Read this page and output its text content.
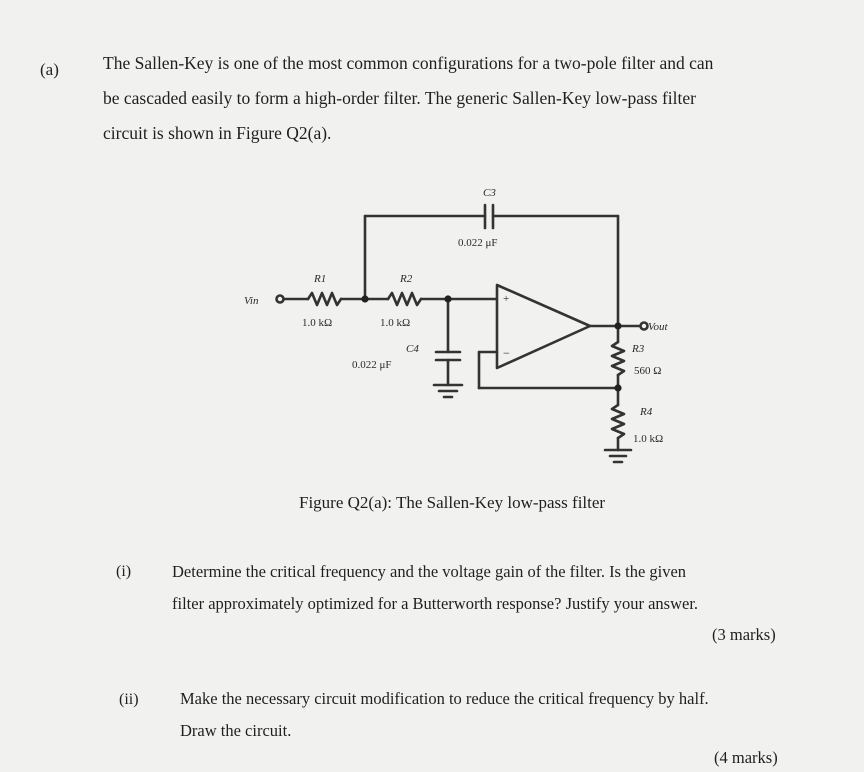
(a)	The Sallen-Key is one of the most common configurations for a two-pole filter and can
be cascaded easily to form a high-order filter. The generic Sallen-Key low-pass filter
circuit is shown in Figure Q2(a).
Vin
Vout
R1
1.0 kΩ
R2
1.0 kΩ
C3
0.022 μF
C4
0.022 μF
R3
560 Ω
R4
1.0 kΩ
+
−
Figure Q2(a): The Sallen-Key low-pass filter
(i) Determine the critical frequency and the voltage gain of the filter. Is the given
filter approximately optimized for a Butterworth response? Justify your answer.
(3 marks)
(ii)	Make the necessary circuit modification to reduce the critical frequency by half.
Draw the circuit.
(4 marks)
